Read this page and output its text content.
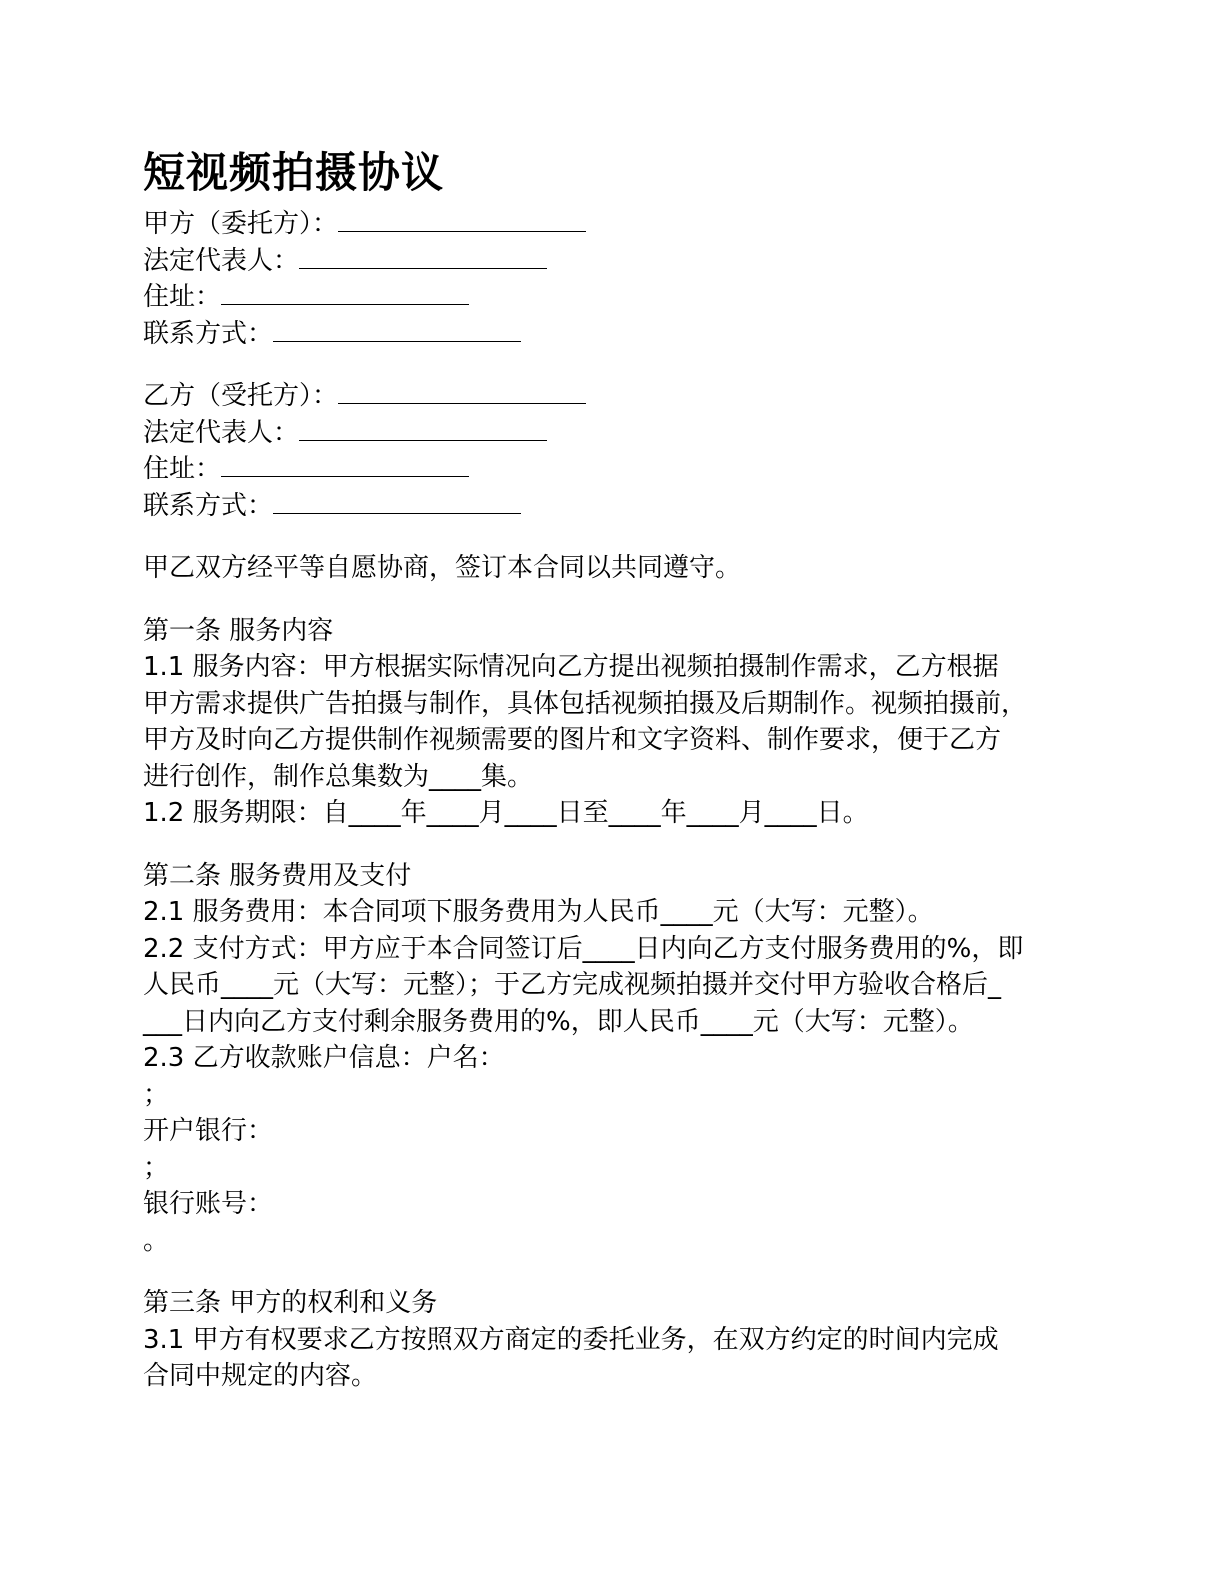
短视频拍摄协议
甲方（委托方）：
法定代表人：
住址：
联系方式：
乙方（受托方）：
法定代表人：
住址：
联系方式：
甲乙双方经平等自愿协商，签订本合同以共同遵守。
第一条 服务内容
1.1 服务内容：甲方根据实际情况向乙方提出视频拍摄制作需求，乙方根据
甲方需求提供广告拍摄与制作，具体包括视频拍摄及后期制作。视频拍摄前，
甲方及时向乙方提供制作视频需要的图片和文字资料、制作要求，便于乙方
进行创作，制作总集数为____集。
1.2 服务期限：自____年____月____日至____年____月____日。
第二条 服务费用及支付
2.1 服务费用：本合同项下服务费用为人民币____元（大写：元整）。
2.2 支付方式：甲方应于本合同签订后____日内向乙方支付服务费用的%，即
人民币____元（大写：元整）；于乙方完成视频拍摄并交付甲方验收合格后_
___日内向乙方支付剩余服务费用的%，即人民币____元（大写：元整）。
2.3 乙方收款账户信息：户名：
；
开户银行：
；
银行账号：
。
第三条 甲方的权利和义务
3.1 甲方有权要求乙方按照双方商定的委托业务，在双方约定的时间内完成
合同中规定的内容。
